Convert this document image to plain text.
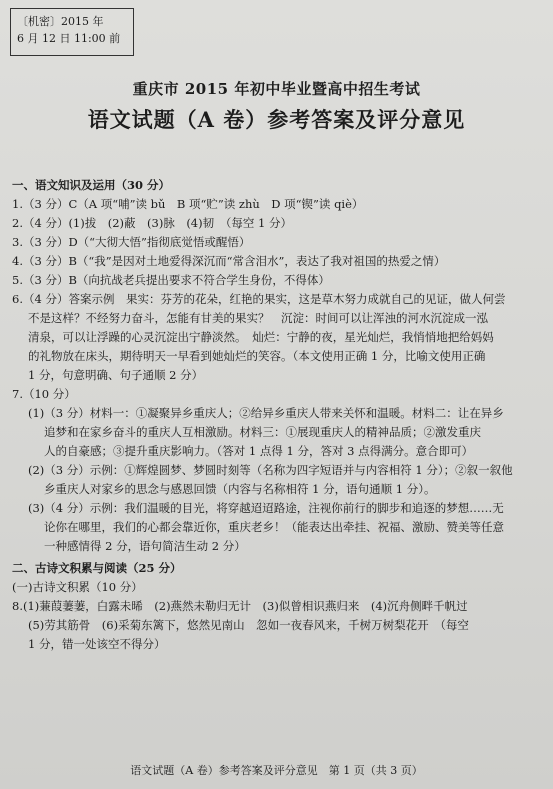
〔机密〕2015 年
6 月 12 日 11:00 前
重庆市 2015 年初中毕业暨高中招生考试
语文试题（A 卷）参考答案及评分意见

一、语文知识及运用（30 分）

1.（3 分）C（A 项“哺”读 bǔ　B 项“贮”读 zhù　D 项“锲”读 qiè）

2.（4 分）(1)拔　(2)蔽　(3)脉　(4)韧　（每空 1 分）

3.（3 分）D（“大彻大悟”指彻底觉悟或醒悟）

4.（3 分）B（“我”是因对土地爱得深沉而“常含泪水”，表达了我对祖国的热爱之情）

5.（3 分）B（向抗战老兵提出要求不符合学生身份，不得体）

6.（4 分）答案示例　果实：芬芳的花朵，红艳的果实，这是草木努力成就自己的见证，做人何尝

不是这样？不经努力奋斗，怎能有甘美的果实？　沉淀：时间可以让浑浊的河水沉淀成一泓

清泉，可以让浮躁的心灵沉淀出宁静淡然。　灿烂：宁静的夜，星光灿烂，我悄悄地把给妈妈

的礼物放在床头，期待明天一早看到她灿烂的笑容。（本文使用正确 1 分，比喻文使用正确

1 分，句意明确、句子通顺 2 分）

7.（10 分）

(1)（3 分）材料一：①凝聚异乡重庆人；②给异乡重庆人带来关怀和温暖。材料二：让在异乡

追梦和在家乡奋斗的重庆人互相激励。材料三：①展现重庆人的精神品质；②激发重庆

人的自豪感；③提升重庆影响力。（答对 1 点得 1 分，答对 3 点得满分。意合即可）

(2)（3 分）示例：①辉煌圆梦、梦圆时刻等（名称为四字短语并与内容相符 1 分）；②叙一叙他

乡重庆人对家乡的思念与感恩回馈（内容与名称相符 1 分，语句通顺 1 分）。

(3)（4 分）示例：我们温暖的目光，将穿越迢迢路途，注视你前行的脚步和追逐的梦想……无

论你在哪里，我们的心都会靠近你，重庆老乡！（能表达出牵挂、祝福、激励、赞美等任意

一种感情得 2 分，语句简洁生动 2 分）

二、古诗文积累与阅读（25 分）

(一)古诗文积累（10 分）

8.(1)蒹葭萋萋，白露未晞　(2)燕然未勒归无计　(3)似曾相识燕归来　(4)沉舟侧畔千帆过

(5)劳其筋骨　(6)采菊东篱下，悠然见南山　忽如一夜春风来，千树万树梨花开　（每空

1 分，错一处该空不得分）

语文试题（A 卷）参考答案及评分意见　第 1 页（共 3 页）
